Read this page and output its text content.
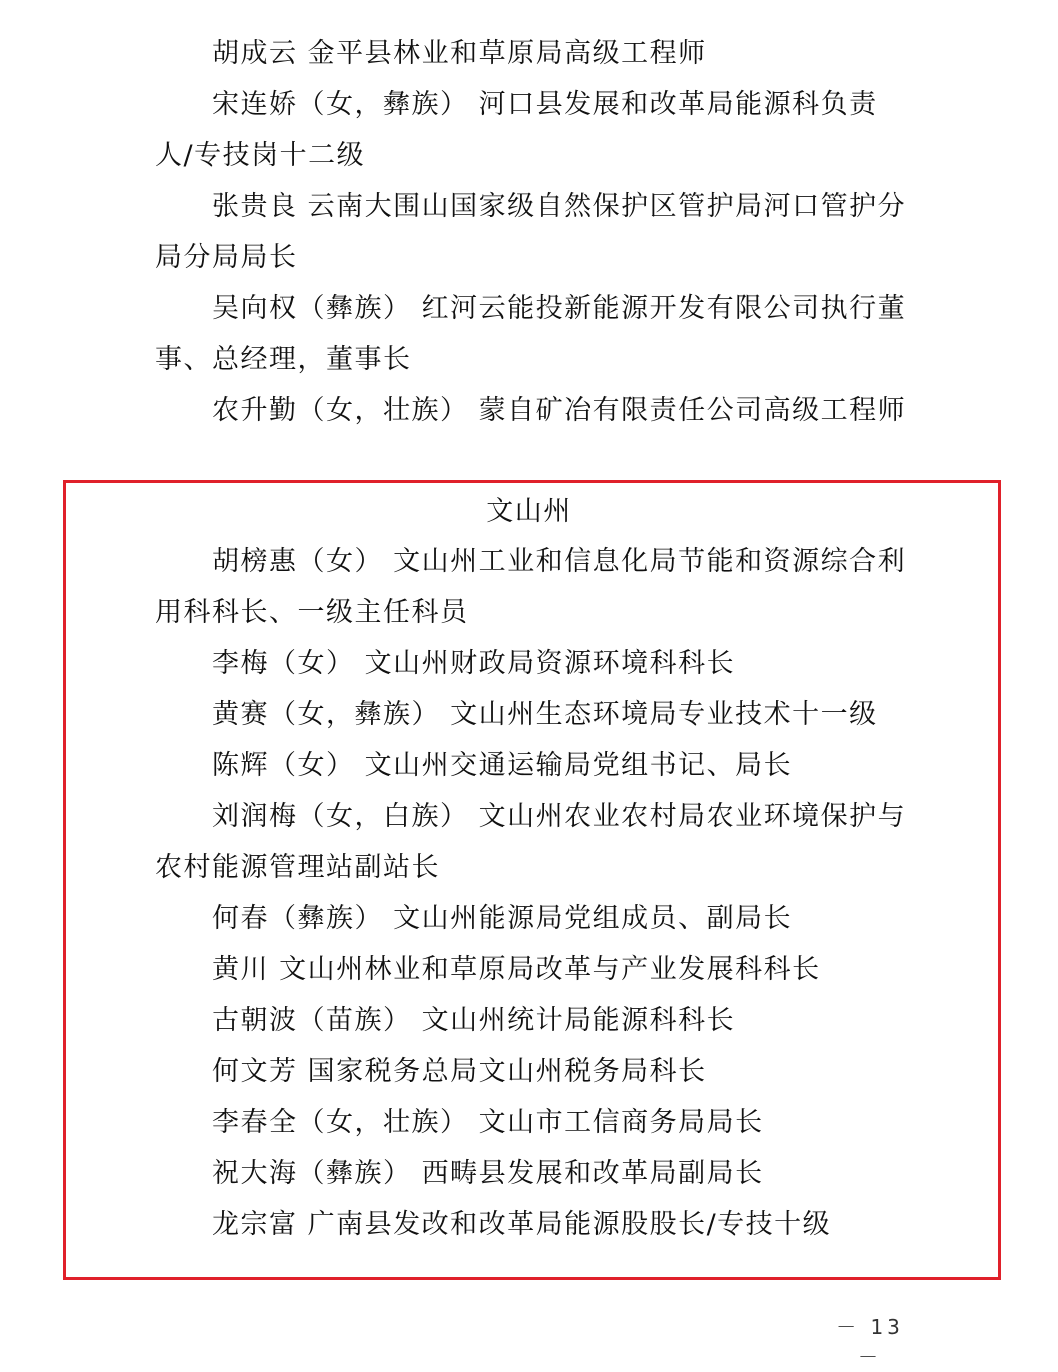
胡成云 金平县林业和草原局高级工程师

宋连娇（女，彝族） 河口县发展和改革局能源科负责人/专技岗十二级

张贵良 云南大围山国家级自然保护区管护局河口管护分局分局局长

吴向权（彝族） 红河云能投新能源开发有限公司执行董事、总经理，董事长

农升勤（女，壮族） 蒙自矿冶有限责任公司高级工程师

文山州

胡榜惠（女） 文山州工业和信息化局节能和资源综合利用科科长、一级主任科员

李梅（女） 文山州财政局资源环境科科长

黄赛（女，彝族） 文山州生态环境局专业技术十一级

陈辉（女） 文山州交通运输局党组书记、局长

刘润梅（女，白族） 文山州农业农村局农业环境保护与农村能源管理站副站长

何春（彝族） 文山州能源局党组成员、副局长

黄川 文山州林业和草原局改革与产业发展科科长

古朝波（苗族） 文山州统计局能源科科长

何文芳 国家税务总局文山州税务局科长

李春全（女，壮族） 文山市工信商务局局长

祝大海（彝族） 西畴县发展和改革局副局长

龙宗富 广南县发改和改革局能源股股长/专技十级

－ 13 －
